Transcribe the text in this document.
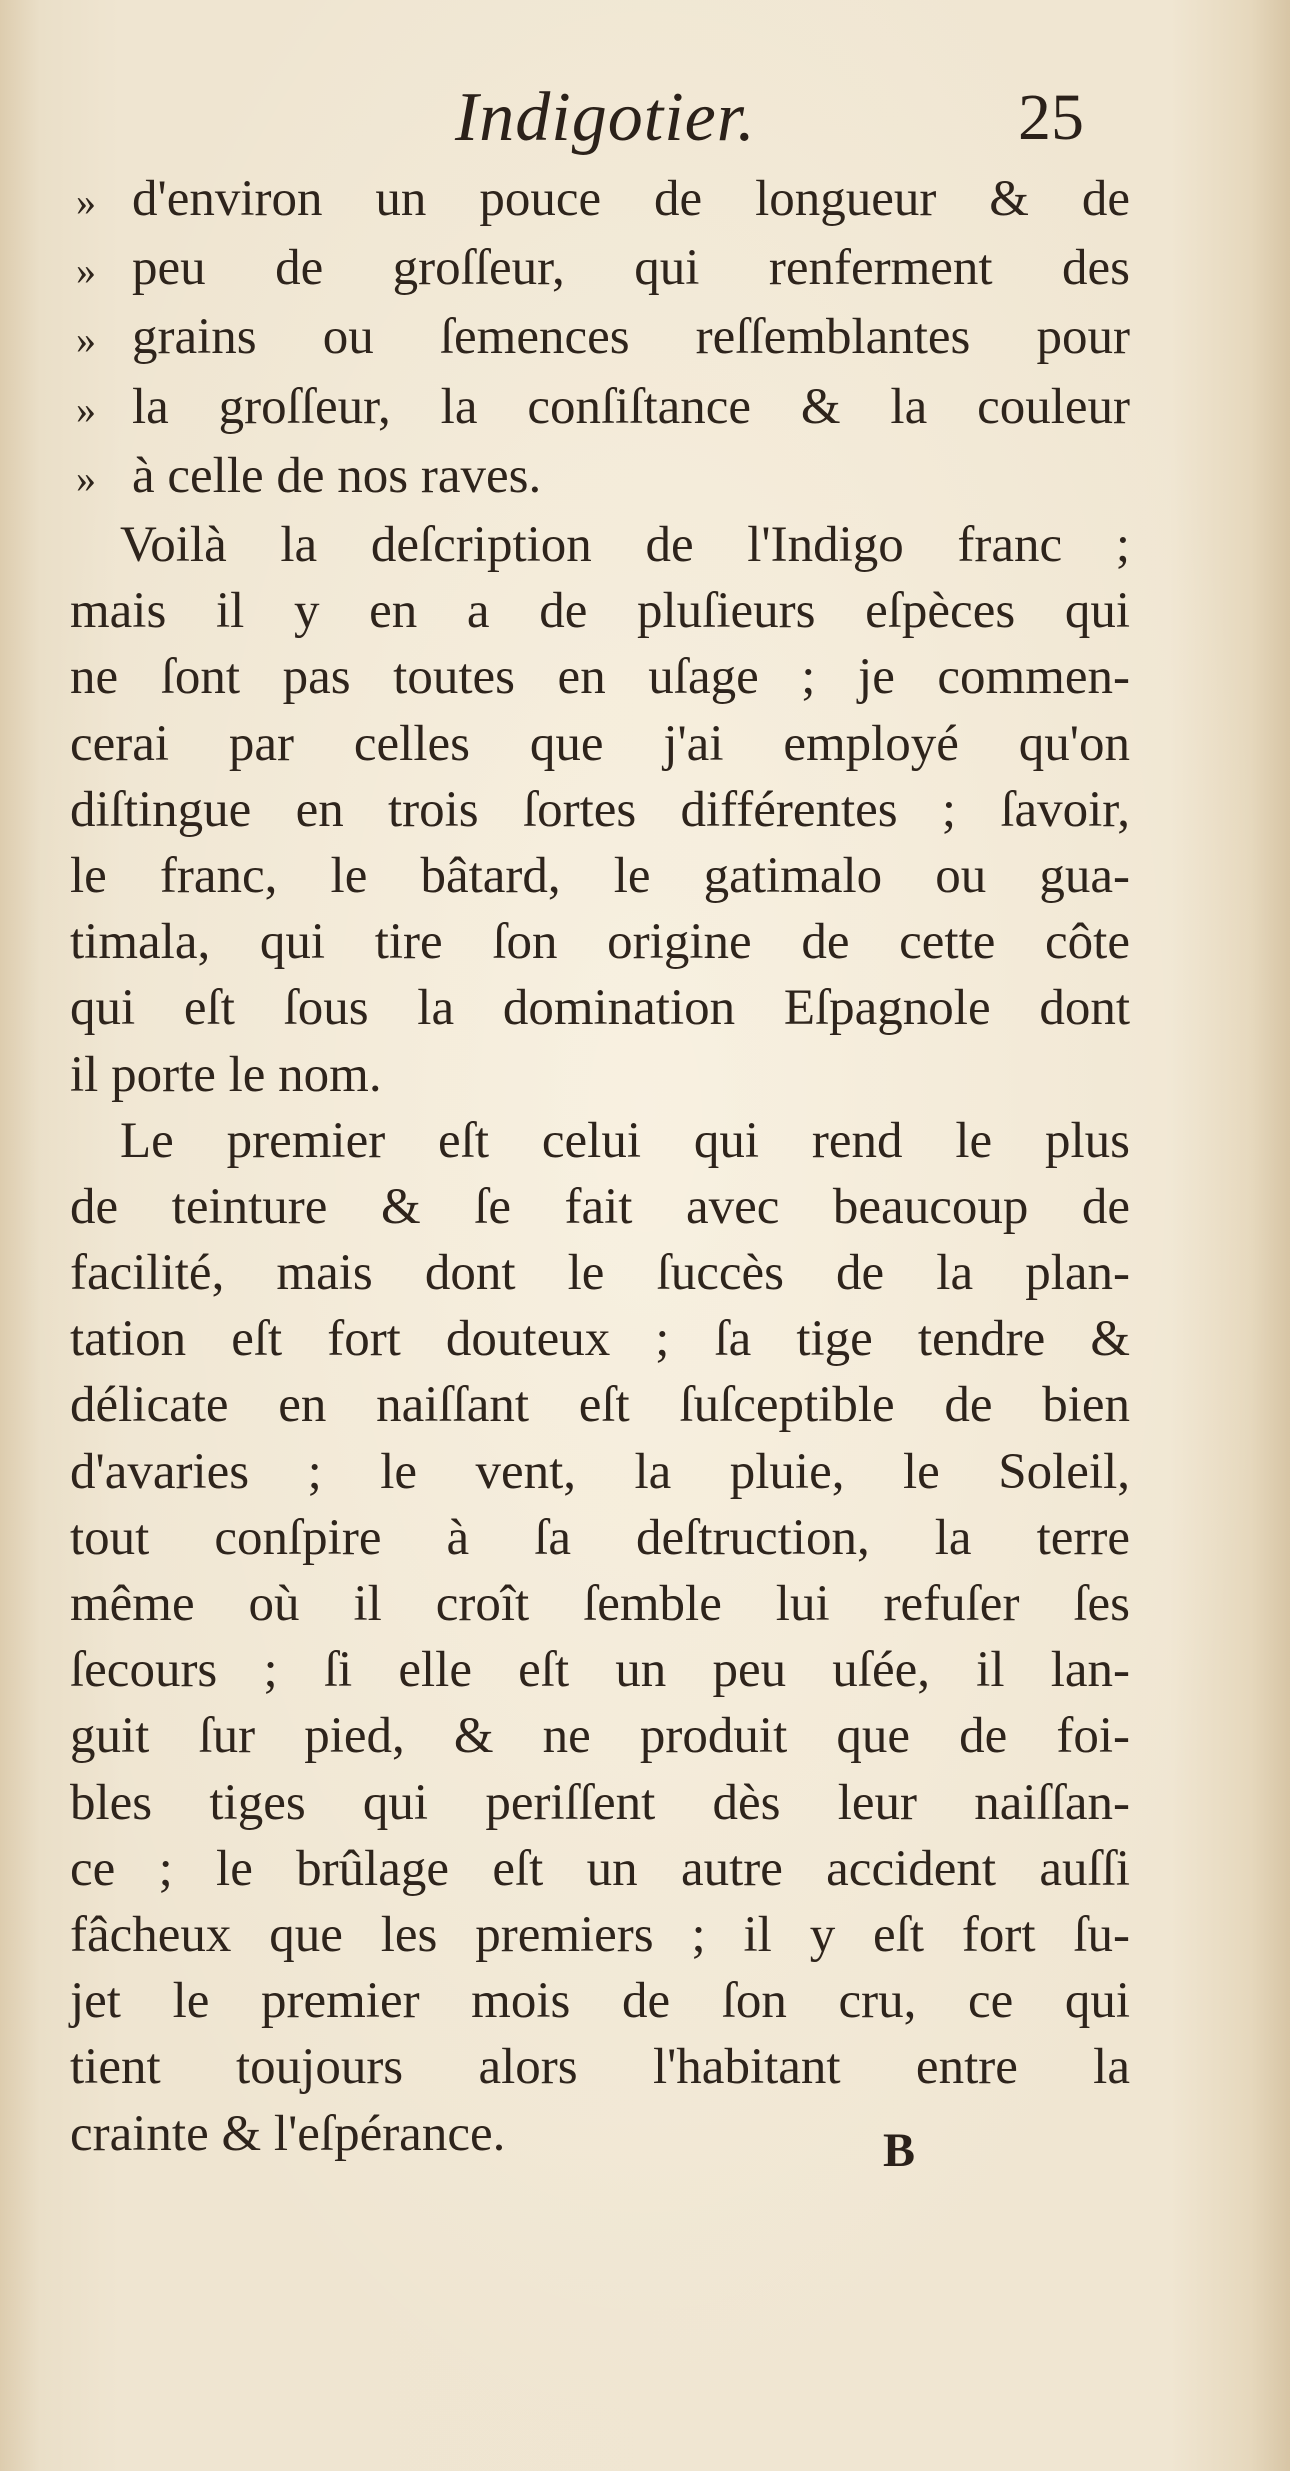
Indigotier.	25
» d'environ un pouce de longueur & de
» peu de groſſeur, qui renferment des
» grains ou ſemences reſſemblantes pour
» la groſſeur, la conſiſtance & la couleur
» à celle de nos raves.
Voilà la deſcription de l'Indigo franc ;
mais il y en a de pluſieurs eſpèces qui
ne ſont pas toutes en uſage ; je commen-
cerai par celles que j'ai employé qu'on
diſtingue en trois ſortes différentes ; ſavoir,
le franc, le bâtard, le gatimalo ou gua-
timala, qui tire ſon origine de cette côte
qui eſt ſous la domination Eſpagnole dont
il porte le nom.
Le premier eſt celui qui rend le plus
de teinture & ſe fait avec beaucoup de
facilité, mais dont le ſuccès de la plan-
tation eſt fort douteux ; ſa tige tendre &
délicate en naiſſant eſt ſuſceptible de bien
d'avaries ; le vent, la pluie, le Soleil,
tout conſpire à ſa deſtruction, la terre
même où il croît ſemble lui refuſer ſes
ſecours ; ſi elle eſt un peu uſée, il lan-
guit ſur pied, & ne produit que de foi-
bles tiges qui periſſent dès leur naiſſan-
ce ; le brûlage eſt un autre accident auſſi
fâcheux que les premiers ; il y eſt fort ſu-
jet le premier mois de ſon cru, ce qui
tient toujours alors l'habitant entre la
crainte & l'eſpérance.	B
